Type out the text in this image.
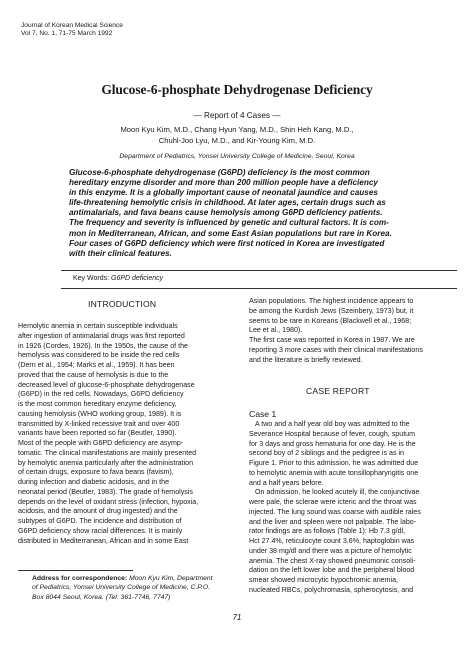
Journal of Korean Medical Science
Vol 7, No. 1, 71-75 March 1992
Glucose-6-phosphate Dehydrogenase Deficiency
— Report of 4 Cases —
Moon Kyu Kim, M.D., Chang Hyun Yang, M.D., Shin Heh Kang, M.D.,
Chuhl-Joo Lyu, M.D., and Kir-Young Kim, M.D.
Department of Pediatrics, Yonsei University College of Medicine, Seoul, Korea
Glucose-6-phosphate dehydrogenase (G6PD) deficiency is the most common
hereditary enzyme disorder and more than 200 million people have a deficiency
in this enzyme. It is a globally important cause of neonatal jaundice and causes
life-threatening hemolytic crisis in childhood. At later ages, certain drugs such as
antimalarials, and fava beans cause hemolysis among G6PD deficiency patients.
The frequency and severity is influenced by genetic and cultural factors. It is com-
mon in Mediterranean, African, and some East Asian populations but rare in Korea.
Four cases of G6PD deficiency which were first noticed in Korea are investigated
with their clinical features.
Key Words: G6PD deficiency
INTRODUCTION
Hemolytic anemia in certain susceptible individuals
after ingestion of antimalarial drugs was first reported
in 1926 (Cordes, 1926). In the 1950s, the cause of the
hemolysis was considered to be inside the red cells
(Dern et al., 1954; Marks et al., 1959). It has been
proved that the cause of hemolysis is due to the
decreased level of glucose-6-phosphate dehydrogenase
(G6PD) in the red cells. Nowadays, G6PD deficiency
is the most common hereditary enzyme deficiency,
causing hemolysis (WHO working group, 1989). It is
transmitted by X-linked recessive trait and over 400
variants have been reported so far (Beutler, 1990).
Most of the people with G6PD deficiency are asymp-
tomatic. The clinical manifestations are mainly presented
by hemolytic anemia particularly after the administration
of certain drugs, exposure to fava beans (favism),
during infection and diabetic acidosis, and in the
neonatal period (Beutler, 1983). The grade of hemolysis
depends on the level of oxidant stress (infection, hypoxia,
acidosis, and the amount of drug ingested) and the
subtypes of G6PD. The incidence and distribution of
G6PD deficiency show racial differences. It is mainly
distributed in Mediterranean, African and in some East
Asian populations. The highest incidence appears to
be among the Kurdish Jews (Szeinbery, 1973) but, it
seems to be rare in Koreans (Blackwell et al., 1968;
Lee et al., 1980).
The first case was reported in Korea in 1987. We are
reporting 3 more cases with their clinical manifestations
and the literature is briefly reviewed.
CASE REPORT
Case 1
A two and a half year old boy was admitted to the
Severance Hospital because of fever, cough, sputum
for 3 days and gross hematuria for one day. He is the
second boy of 2 siblings and the pedigree is as in
Figure 1. Prior to this admission, he was admitted due
to hemolytic anemia with acute tonsillopharyngitis one
and a half years before.
On admission, he looked acutely ill, the conjunctivae
were pale, the sclerae were icteric and the throat was
injected. The lung sound was coarse with audible rales
and the liver and spleen were not palpable. The labo-
rator findings are as follows (Table 1): Hb 7.3 g/dl,
Hct 27.4%, reticulocyte count 3.6%, haptoglobin was
under 38 mg/dl and there was a picture of hemolytic
anemia. The chest X-ray showed pneumonic consoli-
dation on the left lower lobe and the peripheral blood
smear showed microcytic hypochromic anemia,
nucleated RBCs, polychromasia, spherocytosis, and
Address for correspondence: Moon Kyu Kim, Department
of Pediatrics, Yonsei University College of Medicine, C.P.O.
Box 8044 Seoul, Korea. (Tel: 361-7746, 7747)
71
